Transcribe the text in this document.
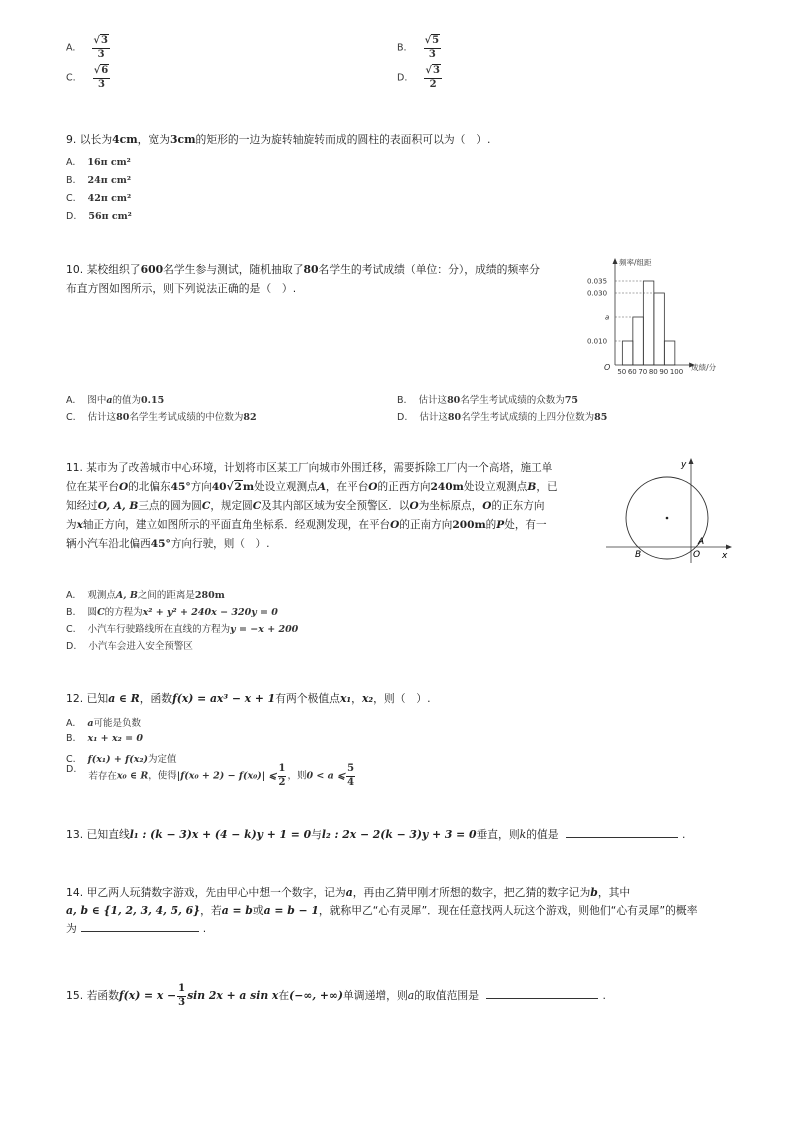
A. $\frac{√3}{3}$	B. $\frac{√5}{3}$
C. $\frac{√6}{3}$	D. $\frac{√3}{2}$
9. 以长为4cm，宽为3cm的矩形的一边为旋转轴旋转而成的圆柱的表面积可以为（　）.
A. 16π cm²
B. 24π cm²
C. 42π cm²
D. 56π cm²
10. 某校组织了600名学生参与测试，随机抽取了80名学生的考试成绩（单位：分），成绩的频率分
布直方图如图所示，则下列说法正确的是（　）.
频率/组距
成绩/分
O 50 60 70 80 90 100
0.035
0.030
a
0.010
A. 图中a的值为0.15	B. 估计这80名学生考试成绩的众数为75
C. 估计这80名学生考试成绩的中位数为82	D. 估计这80名学生考试成绩的上四分位数为85
11. 某市为了改善城市中心环境，计划将市区某工厂向城市外围迁移，需要拆除工厂内一个高塔，施工单
位在某平台O的北偏东45°方向40√2m处设立观测点A，在平台O的正西方向240m处设立观测点B，已
知经过O, A, B三点的圆为圆C，规定圆C及其内部区域为安全预警区．以O为坐标原点，O的正东方向
为x轴正方向，建立如图所示的平面直角坐标系．经观测发现，在平台O的正南方向200m的P处，有一
辆小汽车沿北偏西45°方向行驶，则（　）.
y
x
A
B	O
A. 观测点A, B之间的距离是280m
B. 圆C的方程为x² + y² + 240x − 320y = 0
C. 小汽车行驶路线所在直线的方程为y = −x + 200
D. 小汽车会进入安全预警区
12. 已知a ∈ R，函数f(x) = ax³ − x + 1有两个极值点x₁，x₂，则（　）.
A. a可能是负数
B. x₁ + x₂ = 0
C. f(x₁) + f(x₂)为定值
D.若存在x₀ ∈ R，使得|f(x₀ + 2) − f(x₀)| ⩽ $\frac{1}{2}$ ，则0 < a ⩽ $\frac{5}{4}$
13. 已知直线l₁ : (k − 3)x + (4 − k)y + 1 = 0与l₂ : 2x − 2(k − 3)y + 3 = 0垂直，则k的值是	.
14. 甲乙两人玩猜数字游戏，先由甲心中想一个数字，记为a，再由乙猜甲刚才所想的数字，把乙猜的数字记为b，其中
a, b ∈ {1, 2, 3, 4, 5, 6}，若a = b或a = b − 1，就称甲乙“心有灵犀”．现在任意找两人玩这个游戏，则他们“心有灵犀”的概率
为	.
15. 若函数$f(x) = x - \frac{1}{3}$ sin 2x + a sin x在(−∞, +∞)单调递增，则a的取值范围是	.
